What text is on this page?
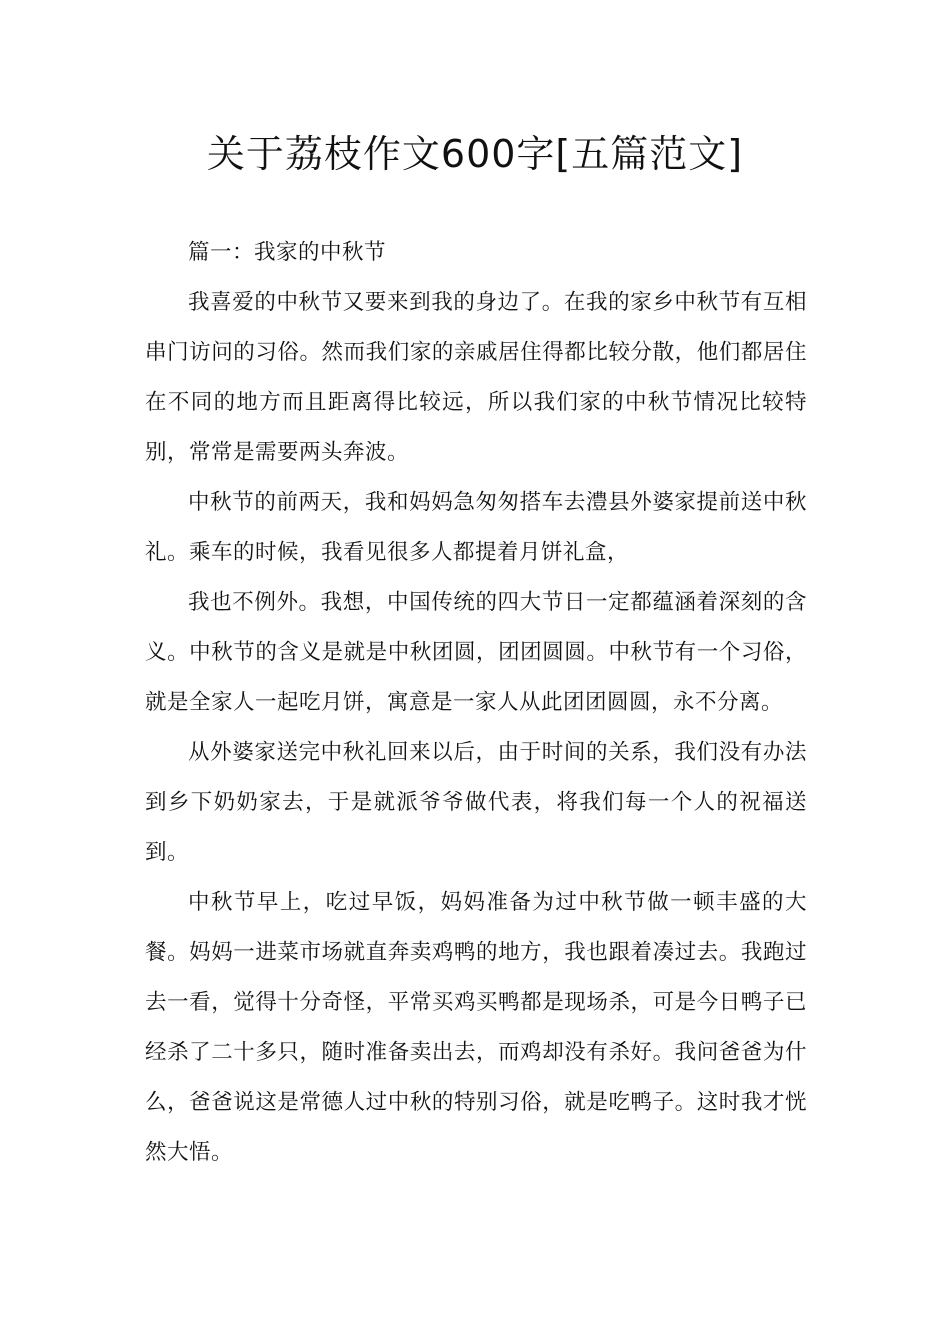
关于荔枝作文600字[五篇范文]

篇一：我家的中秋节

我喜爱的中秋节又要来到我的身边了。在我的家乡中秋节有互相串门访问的习俗。然而我们家的亲戚居住得都比较分散，他们都居住在不同的地方而且距离得比较远，所以我们家的中秋节情况比较特别，常常是需要两头奔波。

中秋节的前两天，我和妈妈急匆匆搭车去澧县外婆家提前送中秋礼。乘车的时候，我看见很多人都提着月饼礼盒，

我也不例外。我想，中国传统的四大节日一定都蕴涵着深刻的含义。中秋节的含义是就是中秋团圆，团团圆圆。中秋节有一个习俗，就是全家人一起吃月饼，寓意是一家人从此团团圆圆，永不分离。

从外婆家送完中秋礼回来以后，由于时间的关系，我们没有办法到乡下奶奶家去，于是就派爷爷做代表，将我们每一个人的祝福送到。

中秋节早上，吃过早饭，妈妈准备为过中秋节做一顿丰盛的大餐。妈妈一进菜市场就直奔卖鸡鸭的地方，我也跟着凑过去。我跑过去一看，觉得十分奇怪，平常买鸡买鸭都是现场杀，可是今日鸭子已经杀了二十多只，随时准备卖出去，而鸡却没有杀好。我问爸爸为什么，爸爸说这是常德人过中秋的特别习俗，就是吃鸭子。这时我才恍然大悟。
